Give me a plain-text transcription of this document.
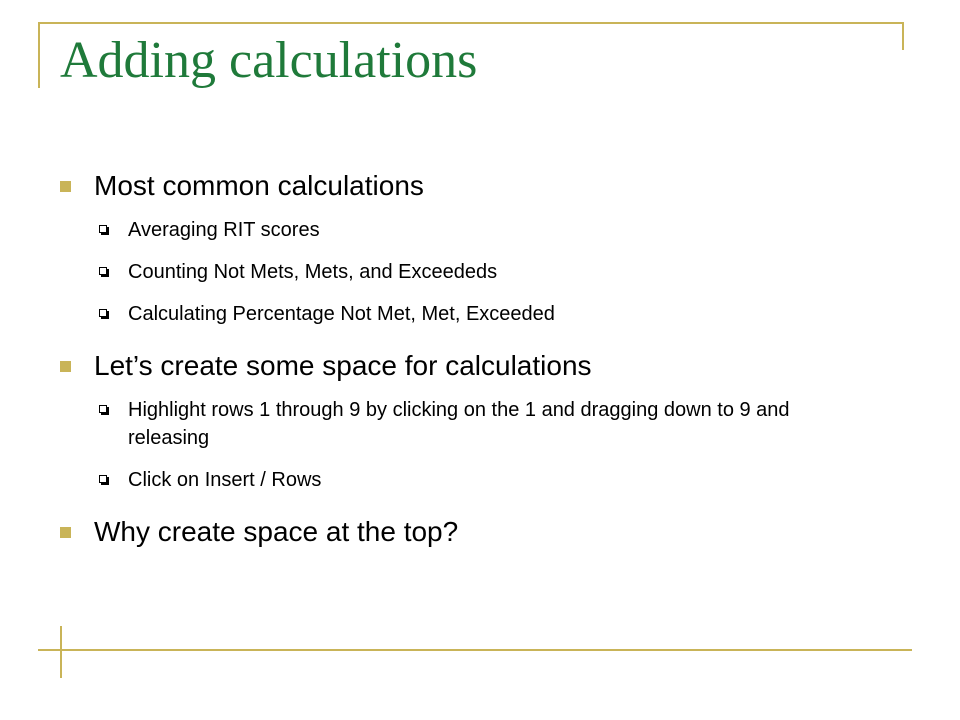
Adding calculations
Most common calculations
Averaging RIT scores
Counting Not Mets, Mets, and Exceededs
Calculating Percentage Not Met, Met, Exceeded
Let’s create some space for calculations
Highlight rows 1 through 9 by clicking on the 1 and dragging down to 9 and releasing
Click on Insert / Rows
Why create space at the top?
